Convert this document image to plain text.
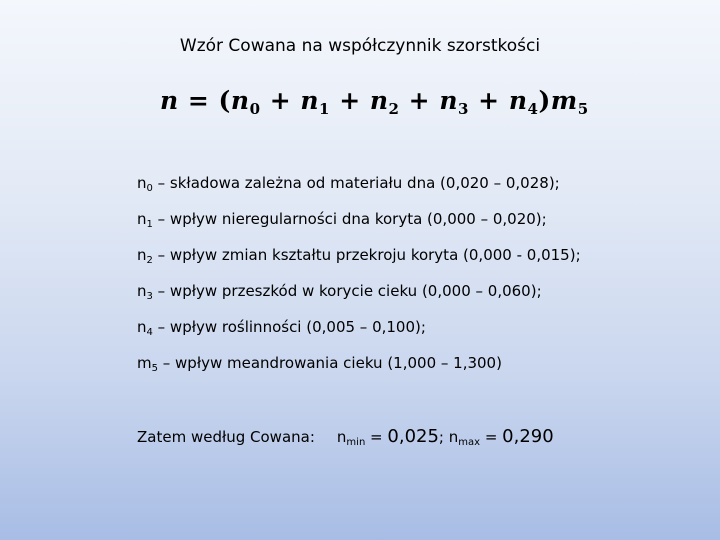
Wzór Cowana na współczynnik szorstkości
$n = (n_0 + n_1 + n_2 + n_3 + n_4)m_5$
$n_0$ – składowa zależna od materiału dna (0,020 – 0,028);
$n_1$ – wpływ nieregularności dna koryta (0,000 – 0,020);
$n_2$ – wpływ zmian kształtu przekroju koryta (0,000 - 0,015);
$n_3$ – wpływ przeszkód w korycie cieku (0,000 – 0,060);
$n_4$ – wpływ roślinności (0,005 – 0,100);
$m_5$ – wpływ meandrowania cieku (1,000 – 1,300)
Zatem według Cowana: $n_{min} = 0,025$; $n_{max} = 0,290$
